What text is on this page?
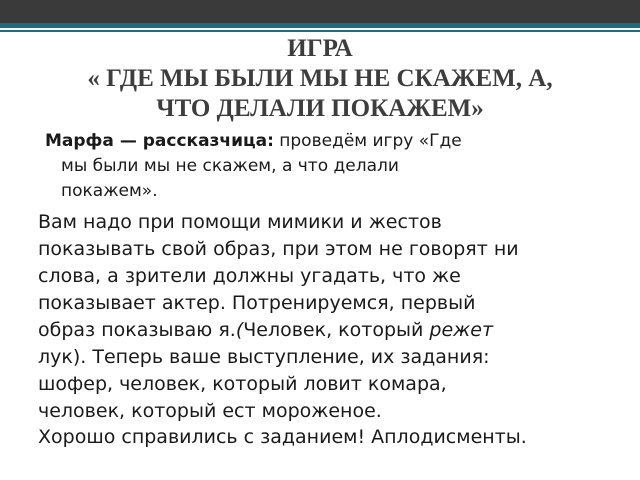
ИГРА
« ГДЕ МЫ БЫЛИ МЫ НЕ СКАЖЕМ, А,
ЧТО ДЕЛАЛИ ПОКАЖЕМ»

Марфа — рассказчица: проведём игру «Где
мы были мы не скажем, а что делали
покажем».

Вам надо при помощи мимики и жестов
показывать свой образ, при этом не говорят ни
слова, а зрители должны угадать, что же
показывает актер. Потренируемся, первый
образ показываю я.(Человек, который режет
лук). Теперь ваше выступление, их задания:
шофер, человек, который ловит комара,
человек, который ест мороженое.

Хорошо справились с заданием! Аплодисменты.
